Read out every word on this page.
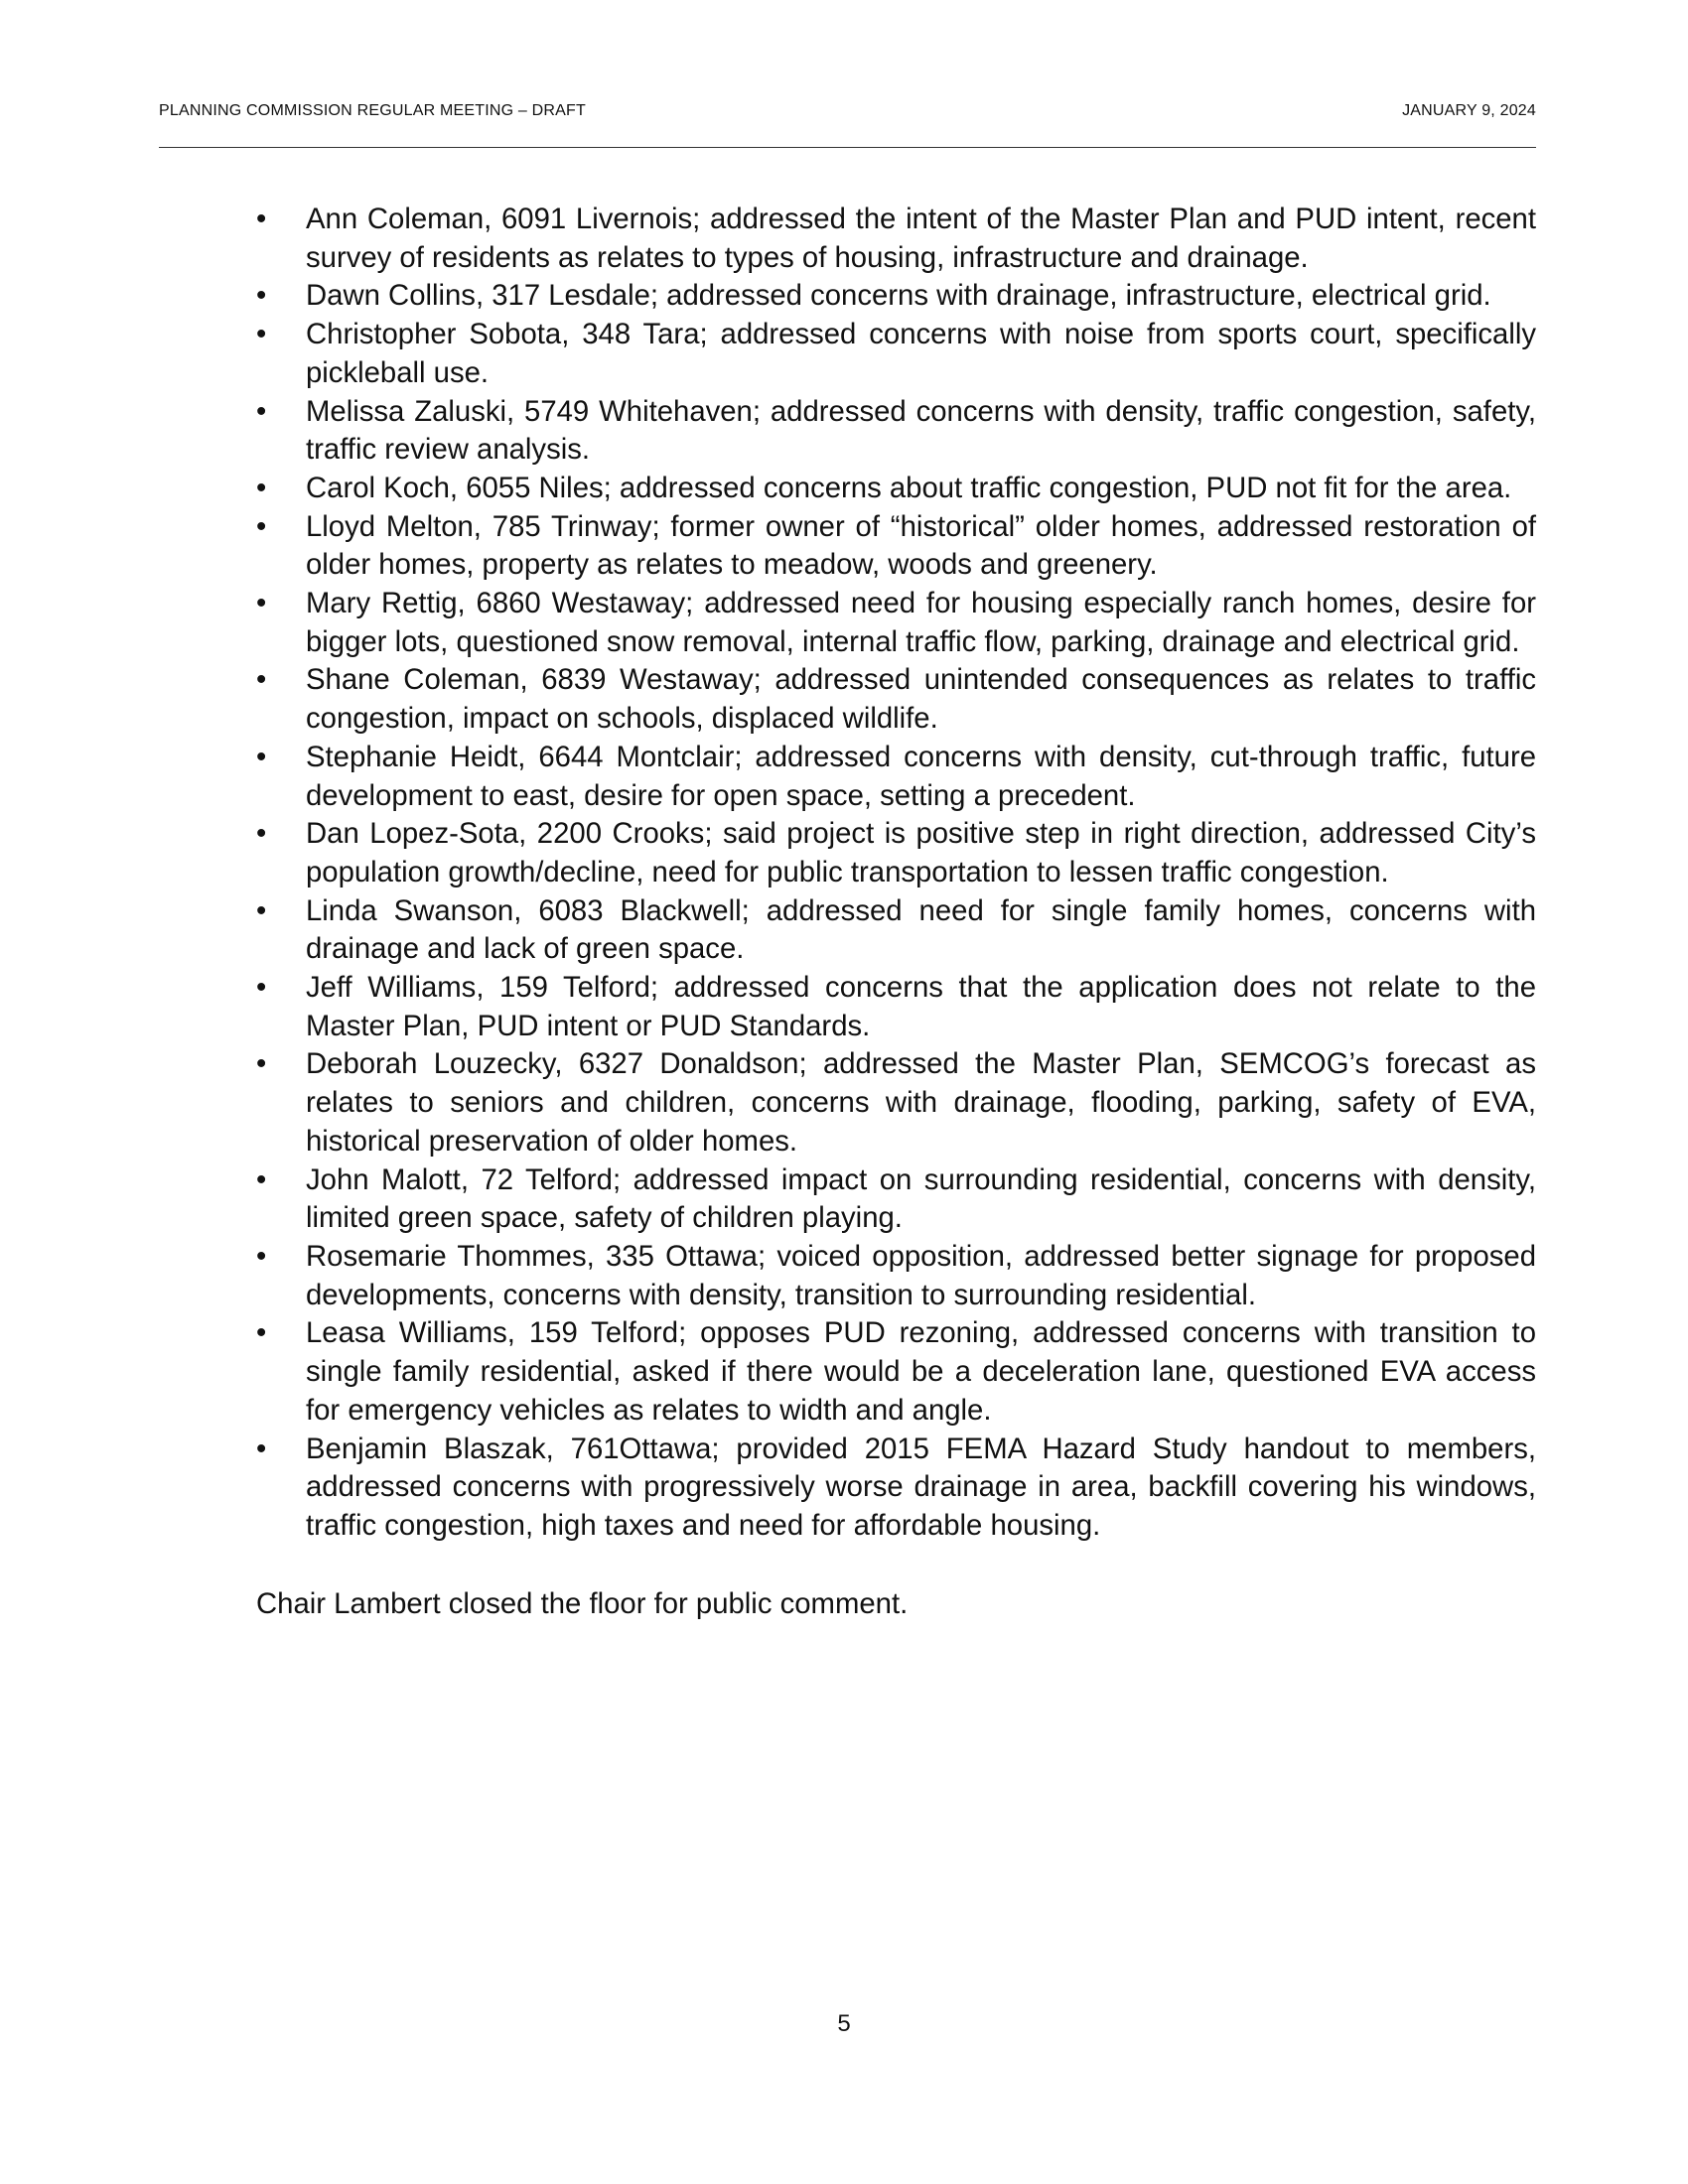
PLANNING COMMISSION REGULAR MEETING – DRAFT	JANUARY 9, 2024
•	Ann Coleman, 6091 Livernois; addressed the intent of the Master Plan and PUD intent, recent survey of residents as relates to types of housing, infrastructure and drainage.
•	Dawn Collins, 317 Lesdale; addressed concerns with drainage, infrastructure, electrical grid.
•	Christopher Sobota, 348 Tara; addressed concerns with noise from sports court, specifically pickleball use.
•	Melissa Zaluski, 5749 Whitehaven; addressed concerns with density, traffic congestion, safety, traffic review analysis.
•	Carol Koch, 6055 Niles; addressed concerns about traffic congestion, PUD not fit for the area.
•	Lloyd Melton, 785 Trinway; former owner of “historical” older homes, addressed restoration of older homes, property as relates to meadow, woods and greenery.
•	Mary Rettig, 6860 Westaway; addressed need for housing especially ranch homes, desire for bigger lots, questioned snow removal, internal traffic flow, parking, drainage and electrical grid.
•	Shane Coleman, 6839 Westaway; addressed unintended consequences as relates to traffic congestion, impact on schools, displaced wildlife.
•	Stephanie Heidt, 6644 Montclair; addressed concerns with density, cut-through traffic, future development to east, desire for open space, setting a precedent.
•	Dan Lopez-Sota, 2200 Crooks; said project is positive step in right direction, addressed City’s population growth/decline, need for public transportation to lessen traffic congestion.
•	Linda Swanson, 6083 Blackwell; addressed need for single family homes, concerns with drainage and lack of green space.
•	Jeff Williams, 159 Telford; addressed concerns that the application does not relate to the Master Plan, PUD intent or PUD Standards.
•	Deborah Louzecky, 6327 Donaldson; addressed the Master Plan, SEMCOG’s forecast as relates to seniors and children, concerns with drainage, flooding, parking, safety of EVA, historical preservation of older homes.
•	John Malott, 72 Telford; addressed impact on surrounding residential, concerns with density, limited green space, safety of children playing.
•	Rosemarie Thommes, 335 Ottawa; voiced opposition, addressed better signage for proposed developments, concerns with density, transition to surrounding residential.
•	Leasa Williams, 159 Telford; opposes PUD rezoning, addressed concerns with transition to single family residential, asked if there would be a deceleration lane, questioned EVA access for emergency vehicles as relates to width and angle.
•	Benjamin Blaszak, 761Ottawa; provided 2015 FEMA Hazard Study handout to members, addressed concerns with progressively worse drainage in area, backfill covering his windows, traffic congestion, high taxes and need for affordable housing.
Chair Lambert closed the floor for public comment.
5
